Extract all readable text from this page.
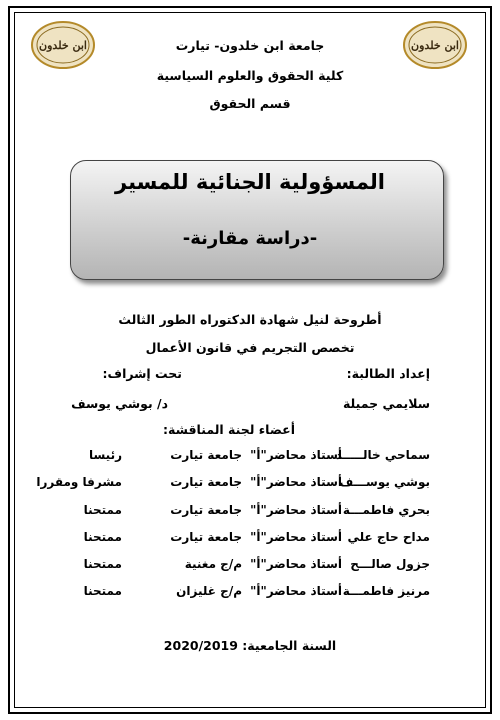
ابن خلدون	ابن خلدون
جامعة ابن خلدون- تيارت
كلية الحقوق والعلوم السياسية
قسم الحقوق
المسؤولية الجنائية للمسير
-دراسة مقارنة-
أطروحة لنيل شهادة الدكتوراه الطور الثالث
تخصص التجريم في قانون الأعمال
إعداد الطالبة:
تحت إشراف:
سلايمي جميلة
د/ بوشي يوسف
أعضاء لجنة المناقشة:
سماحي خالـــــد
أستاذ محاضر"أ"
جامعة تيارت
رئيسا
بوشي يوســـف
أستاذ محاضر"أ"
جامعة تيارت
مشرفا ومقررا
بحري فاطمـــة
أستاذ محاضر"أ"
جامعة تيارت
ممتحنا
مداح حاج علي
أستاذ محاضر"أ"
جامعة تيارت
ممتحنا
جزول صالـــح
أستاذ محاضر"أ"
م/ج مغنية
ممتحنا
مرنيز فاطمـــة
أستاذ محاضر"أ"
م/ج غليزان
ممتحنا
السنة الجامعية: 2020/2019
